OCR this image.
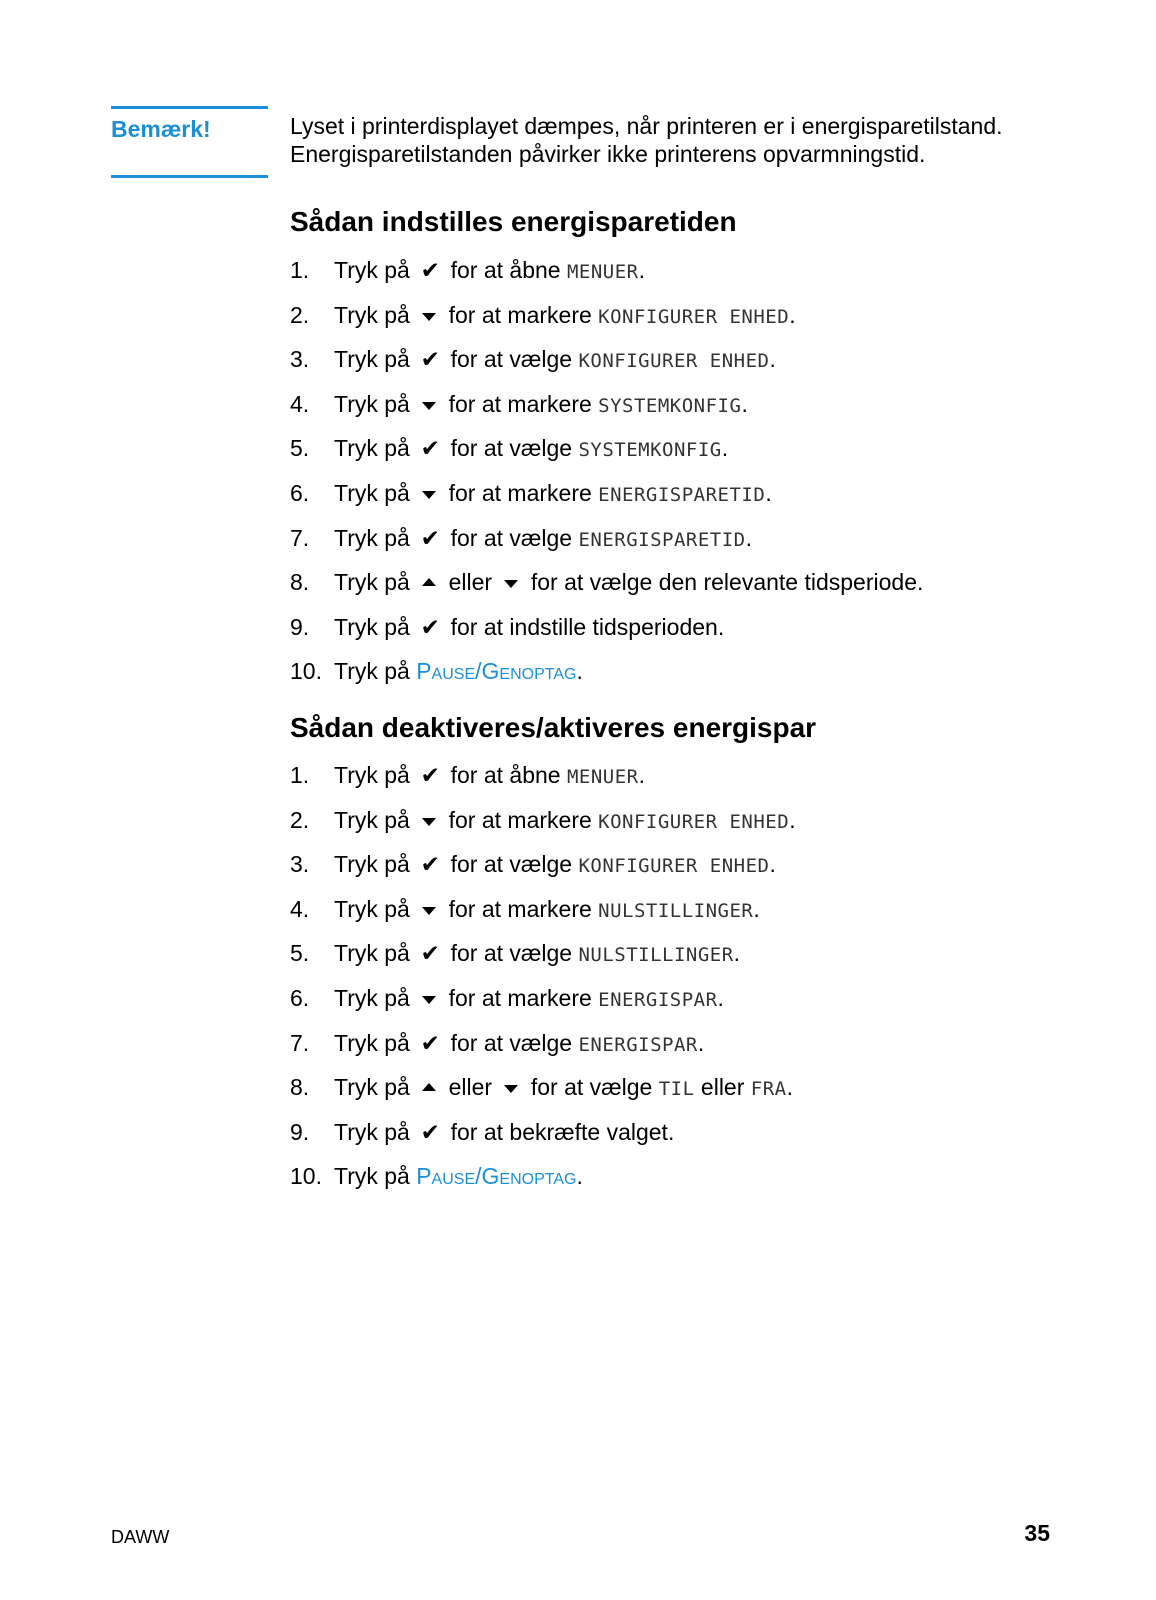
Bemærk!	Lyset i printerdisplayet dæmpes, når printeren er i energisparetilstand.
Energisparetilstanden påvirker ikke printerens opvarmningstid.
Sådan indstilles energisparetiden
1. Tryk på ✔ for at åbne MENUER.
2. Tryk på for at markere KONFIGURER ENHED.
3. Tryk på ✔ for at vælge KONFIGURER ENHED.
4. Tryk på for at markere SYSTEMKONFIG.
5. Tryk på ✔ for at vælge SYSTEMKONFIG.
6. Tryk på for at markere ENERGISPARETID.
7. Tryk på ✔ for at vælge ENERGISPARETID.
8. Tryk på eller for at vælge den relevante tidsperiode.
9. Tryk på ✔ for at indstille tidsperioden.
10. Tryk på Pause/Genoptag.
Sådan deaktiveres/aktiveres energispar
1. Tryk på ✔ for at åbne MENUER.
2. Tryk på for at markere KONFIGURER ENHED.
3. Tryk på ✔ for at vælge KONFIGURER ENHED.
4. Tryk på for at markere NULSTILLINGER.
5. Tryk på ✔ for at vælge NULSTILLINGER.
6. Tryk på for at markere ENERGISPAR.
7. Tryk på ✔ for at vælge ENERGISPAR.
8. Tryk på eller for at vælge TIL eller FRA.
9. Tryk på ✔ for at bekræfte valget.
10. Tryk på Pause/Genoptag.
DAWW	35
